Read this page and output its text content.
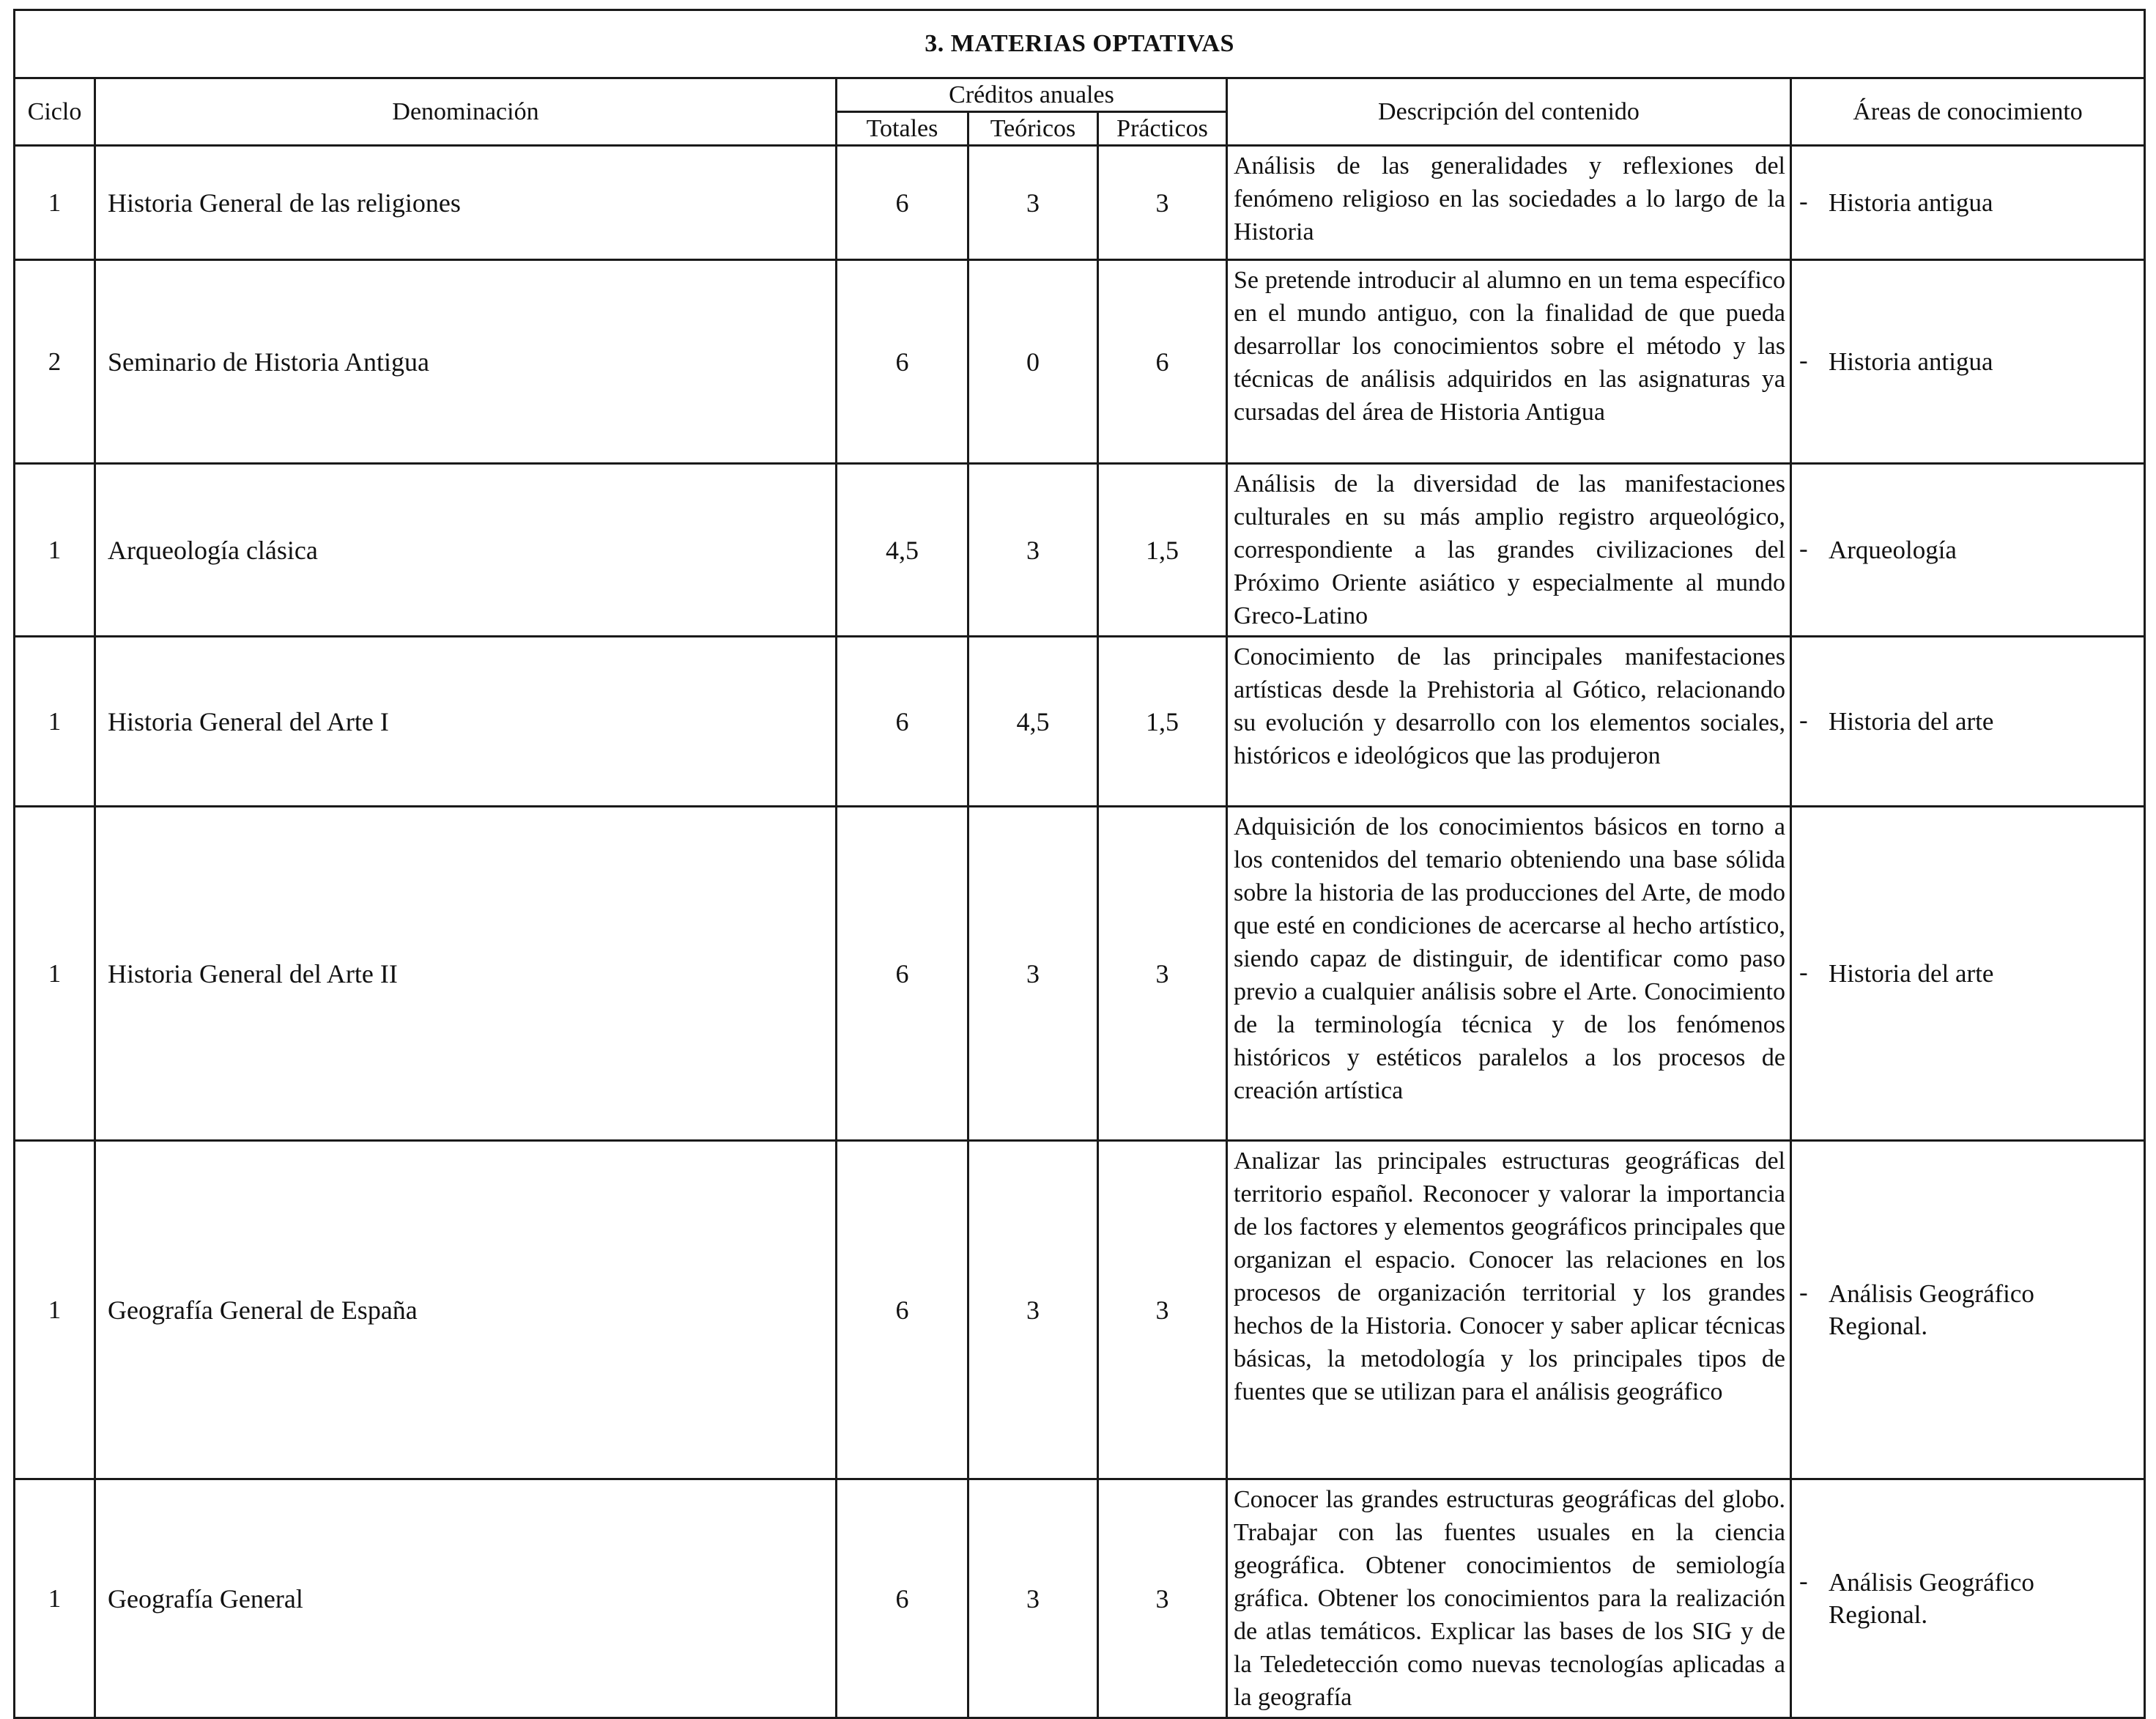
3. MATERIAS OPTATIVAS						
Ciclo	Denominación	Créditos anuales			Descripción del contenido	Áreas de conocimiento
		Totales	Teóricos	Prácticos		
1	Historia General de las religiones	6	3	3	Análisis de las generalidades y reflexiones del fenómeno religioso en las sociedades a lo largo de la Historia	- Historia antigua

2	Seminario de Historia Antigua	6	0	6	Se pretende introducir al alumno en un tema específico en el mundo antiguo, con la finalidad de que pueda desarrollar los conocimientos sobre el método y las técnicas de análisis adquiridos en las asignaturas ya cursadas del área de Historia Antigua	- Historia antigua

1	Arqueología clásica	4,5	3	1,5	Análisis de la diversidad de las manifestaciones culturales en su más amplio registro arqueológico, correspondiente a las grandes civilizaciones del Próximo Oriente asiático y especialmente al mundo Greco-Latino	- Arqueología

1	Historia General del Arte I	6	4,5	1,5	Conocimiento de las principales manifestaciones artísticas desde la Prehistoria al Gótico, relacionando su evolución y desarrollo con los elementos sociales, históricos e ideológicos que las produjeron	- Historia del arte

1	Historia General del Arte II	6	3	3	Adquisición de los conocimientos básicos en torno a los contenidos del temario obteniendo una base sólida sobre la historia de las producciones del Arte, de modo que esté en condiciones de acercarse al hecho artístico, siendo capaz de distinguir, de identificar como paso previo a cualquier análisis sobre el Arte. Conocimiento de la terminología técnica y de los fenómenos históricos y estéticos paralelos a los procesos de creación artística	- Historia del arte

1	Geografía General de España	6	3	3	Analizar las principales estructuras geográficas del territorio español. Reconocer y valorar la importancia de los factores y elementos geográficos principales que organizan el espacio. Conocer las relaciones en los procesos de organización territorial y los grandes hechos de la Historia. Conocer y saber aplicar técnicas básicas, la metodología y los principales tipos de fuentes que se utilizan para el análisis geográfico	- Análisis Geográfico Regional.

1	Geografía General	6	3	3	Conocer las grandes estructuras geográficas del globo. Trabajar con las fuentes usuales en la ciencia geográfica. Obtener conocimientos de semiología gráfica. Obtener los conocimientos para la realización de atlas temáticos. Explicar las bases de los SIG y de la Teledetección como nuevas tecnologías aplicadas a la geografía	- Análisis Geográfico Regional.
